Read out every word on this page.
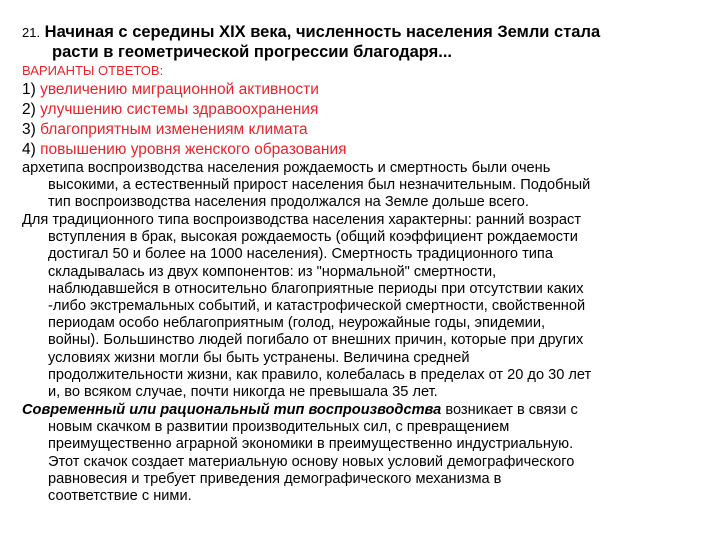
21. Начиная с середины XIX века, численность населения Земли стала
расти в геометрической прогрессии благодаря...
ВАРИАНТЫ ОТВЕТОВ:
1) увеличению миграционной активности
2) улучшению системы здравоохранения
3) благоприятным изменениям климата
4) повышению уровня женского образования
архетипа воспроизводства населения рождаемость и смертность были очень
высокими, а естественный прирост населения был незначительным. Подобный
тип воспроизводства населения продолжался на Земле дольше всего.
Для традиционного типа воспроизводства населения характерны: ранний возраст
вступления в брак, высокая рождаемость (общий коэффициент рождаемости
достигал 50 и более на 1000 населения). Смертность традиционного типа
складывалась из двух компонентов: из "нормальной" смертности,
наблюдавшейся в относительно благоприятные периоды при отсутствии каких
-либо экстремальных событий, и катастрофической смертности, свойственной
периодам особо неблагоприятным (голод, неурожайные годы, эпидемии,
войны). Большинство людей погибало от внешних причин, которые при других
условиях жизни могли бы быть устранены. Величина средней
продолжительности жизни, как правило, колебалась в пределах от 20 до 30 лет
и, во всяком случае, почти никогда не превышала 35 лет.
Современный или рациональный тип воспроизводства возникает в связи с
новым скачком в развитии производительных сил, с превращением
преимущественно аграрной экономики в преимущественно индустриальную.
Этот скачок создает материальную основу новых условий демографического
равновесия и требует приведения демографического механизма в
соответствие с ними.
